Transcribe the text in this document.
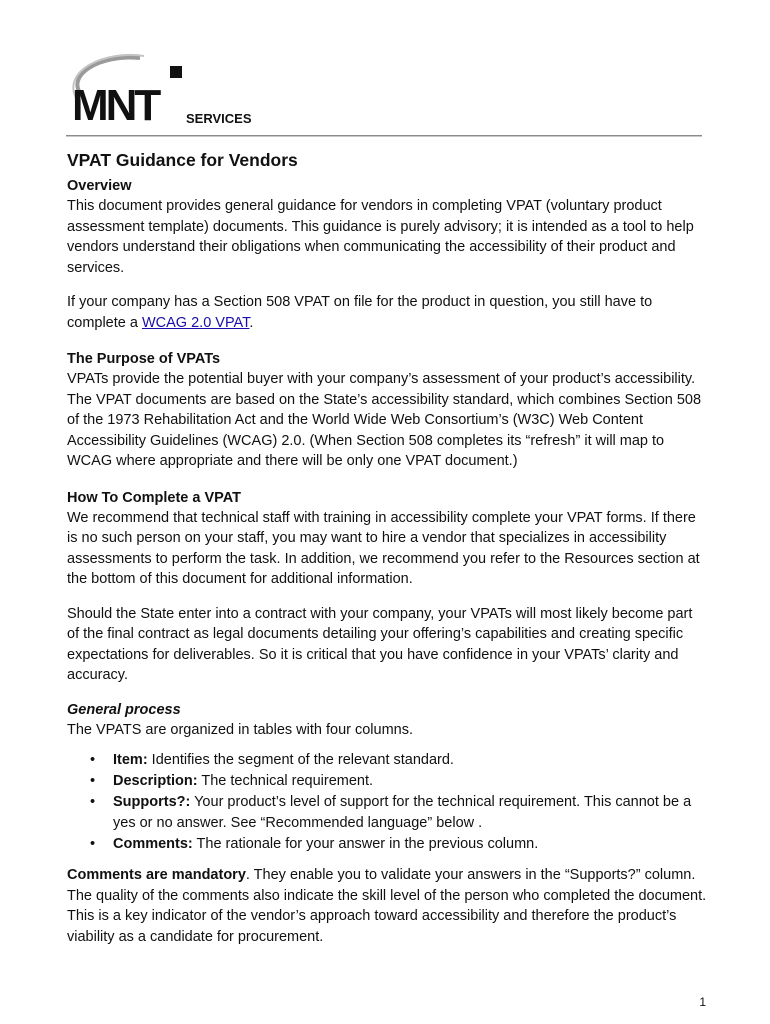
MNT SERVICES
VPAT Guidance for Vendors
Overview

This document provides general guidance for vendors in completing VPAT (voluntary product assessment template) documents. This guidance is purely advisory; it is intended as a tool to help vendors understand their obligations when communicating the accessibility of their product and services.

If your company has a Section 508 VPAT on file for the product in question, you still have to complete a WCAG 2.0 VPAT.

The Purpose of VPATs

VPATs provide the potential buyer with your company’s assessment of your product’s accessibility. The VPAT documents are based on the State’s accessibility standard, which combines Section 508 of the 1973 Rehabilitation Act and the World Wide Web Consortium’s (W3C) Web Content Accessibility Guidelines (WCAG) 2.0. (When Section 508 completes its “refresh” it will map to WCAG where appropriate and there will be only one VPAT document.)

How To Complete a VPAT

We recommend that technical staff with training in accessibility complete your VPAT forms. If there is no such person on your staff, you may want to hire a vendor that specializes in accessibility assessments to perform the task. In addition, we recommend you refer to the Resources section at the bottom of this document for additional information.

Should the State enter into a contract with your company, your VPATs will most likely become part of the final contract as legal documents detailing your offering’s capabilities and creating specific expectations for deliverables. So it is critical that you have confidence in your VPATs’ clarity and accuracy.

General process

The VPATS are organized in tables with four columns.

• Item: Identifies the segment of the relevant standard.
• Description: The technical requirement.
• Supports?: Your product’s level of support for the technical requirement. This cannot be a yes or no answer. See “Recommended language” below .
• Comments: The rationale for your answer in the previous column.

Comments are mandatory. They enable you to validate your answers in the “Supports?” column. The quality of the comments also indicate the skill level of the person who completed the document. This is a key indicator of the vendor’s approach toward accessibility and therefore the product’s viability as a candidate for procurement.

1
